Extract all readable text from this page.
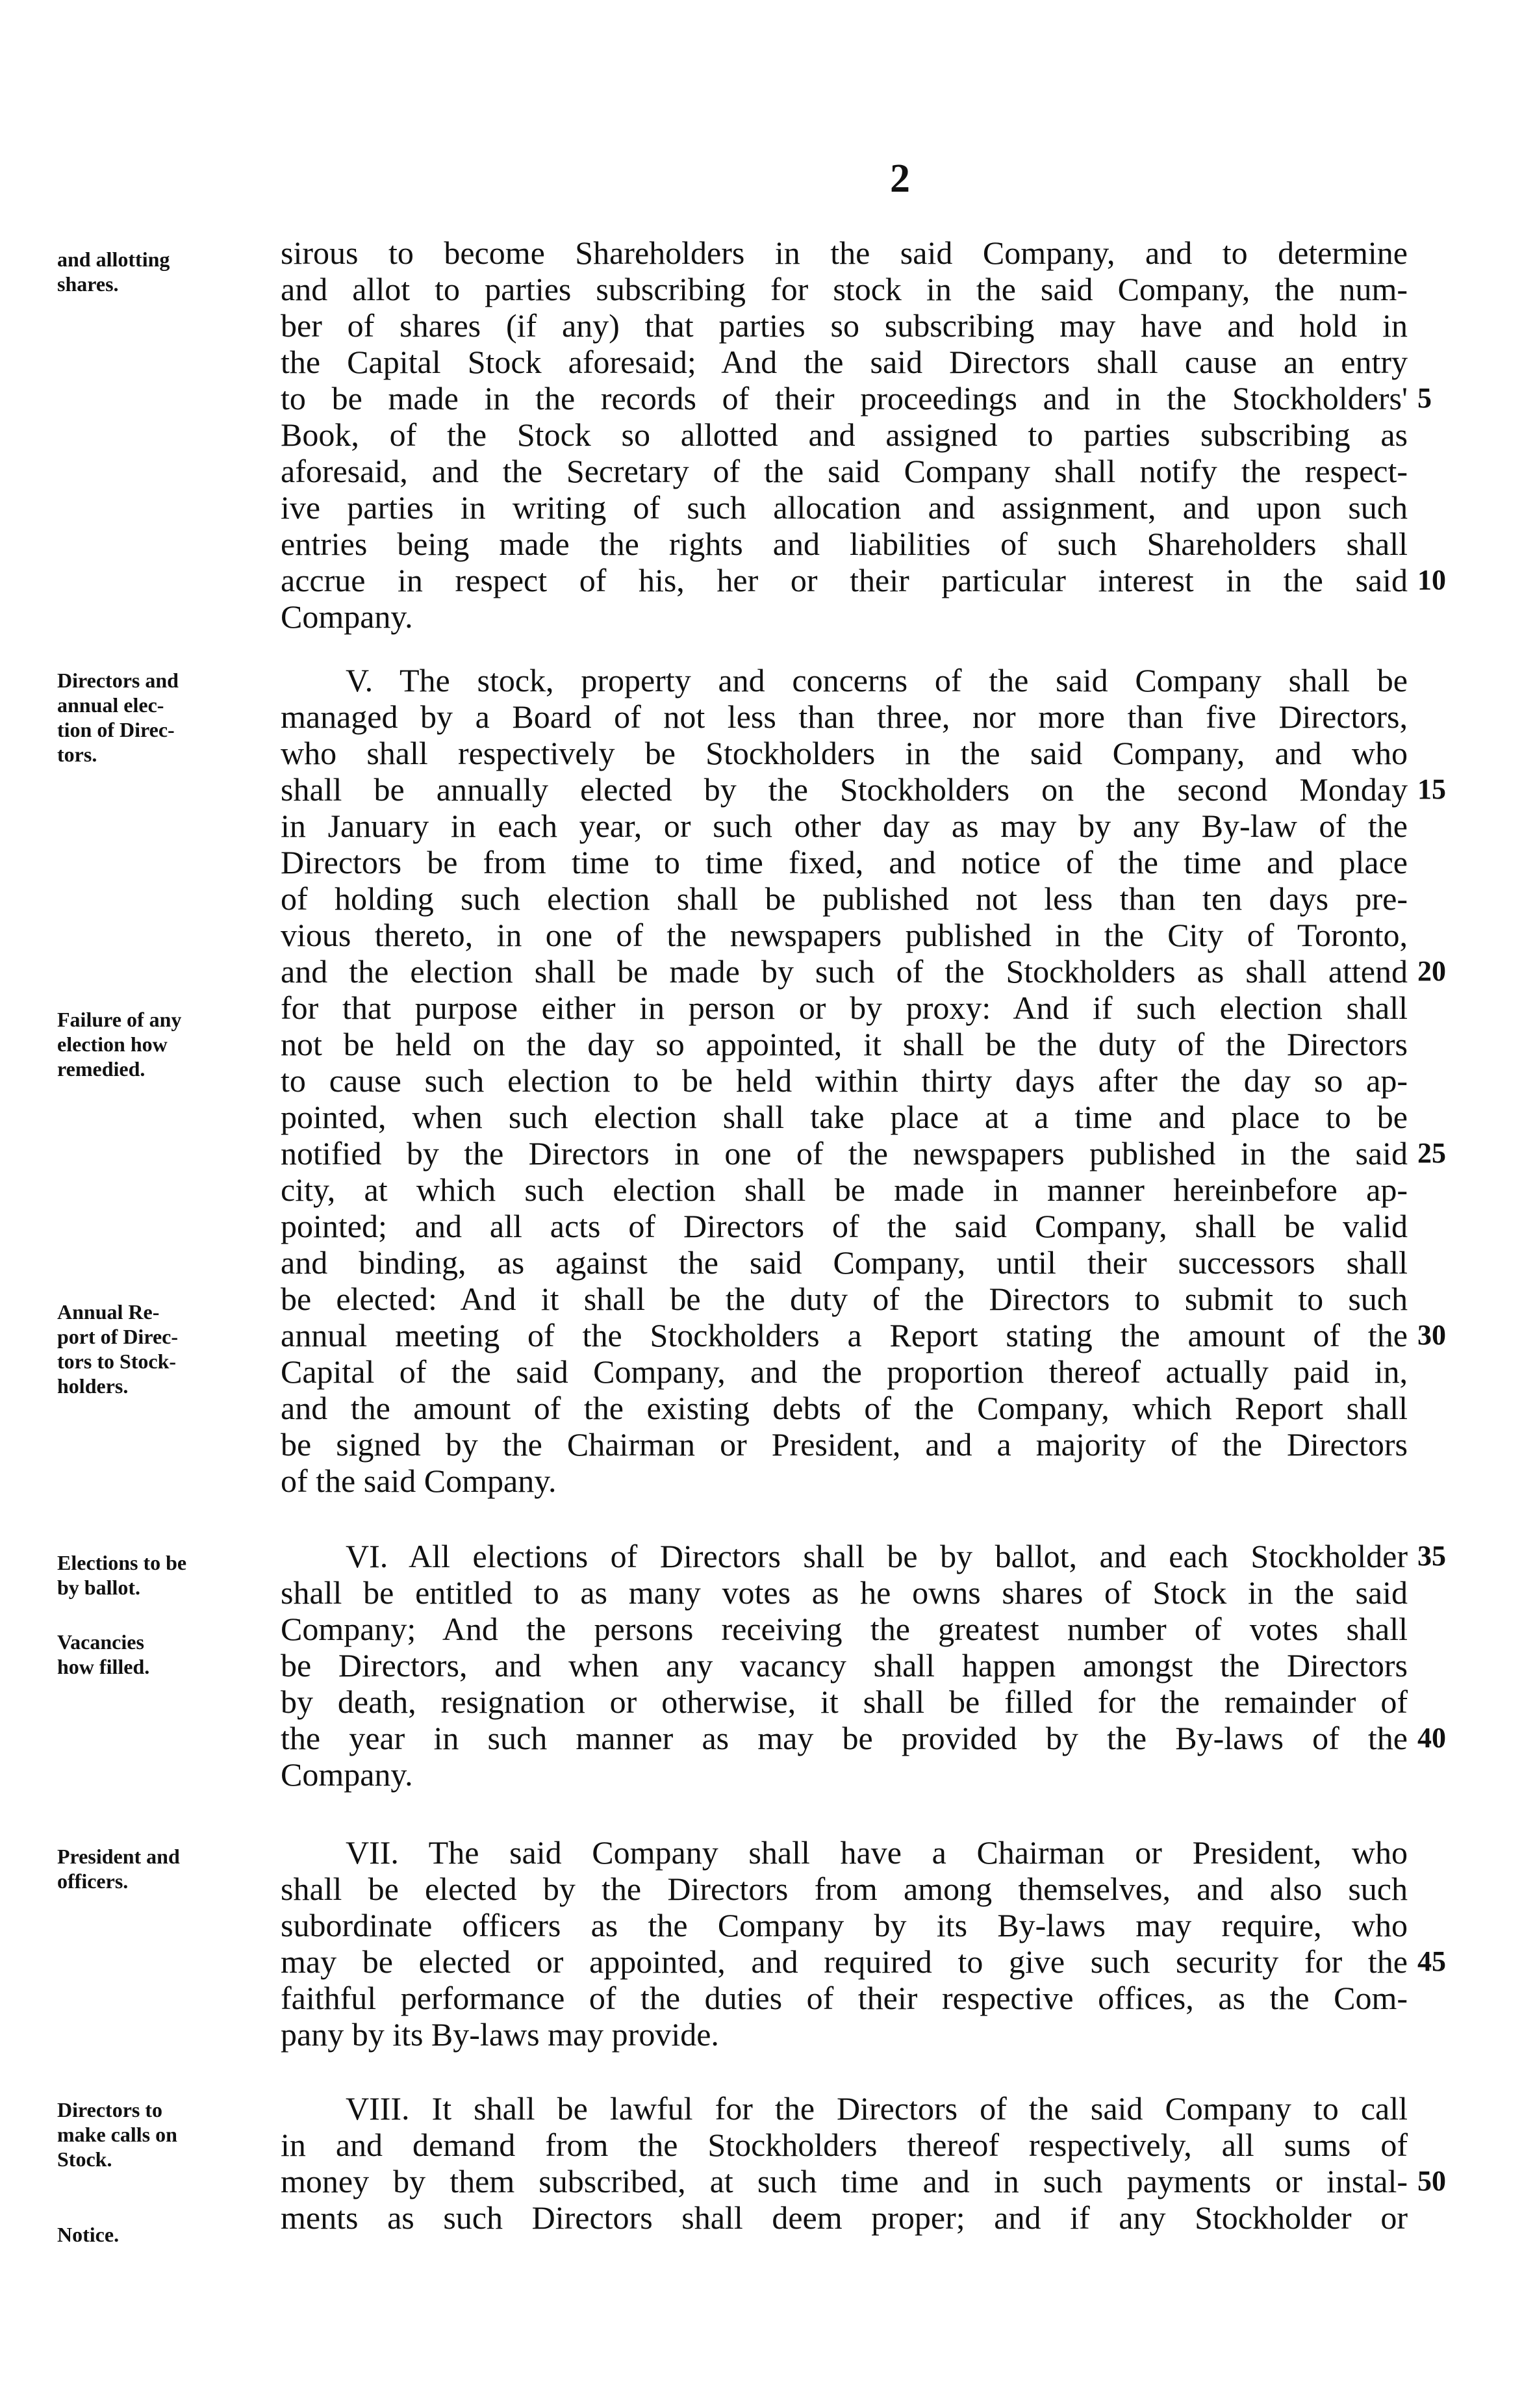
2
and allotting
shares.
Directors and
annual elec-
tion of Direc-
tors.
Failure of any
election how
remedied.
Annual Re-
port of Direc-
tors to Stock-
holders.
Elections to be
by ballot.
Vacancies
how filled.
President and
officers.
Directors to
make calls on
Stock.
Notice.
sirous to become Shareholders in the said Company, and to determine
and allot to parties subscribing for stock in the said Company, the num-
ber of shares (if any) that parties so subscribing may have and hold in
the Capital Stock aforesaid; And the said Directors shall cause an entry
to be made in the records of their proceedings and in the Stockholders'
Book, of the Stock so allotted and assigned to parties subscribing as
aforesaid, and the Secretary of the said Company shall notify the respect-
ive parties in writing of such allocation and assignment, and upon such
entries being made the rights and liabilities of such Shareholders shall
accrue in respect of his, her or their particular interest in the said
Company.
V. The stock, property and concerns of the said Company shall be
managed by a Board of not less than three, nor more than five Directors,
who shall respectively be Stockholders in the said Company, and who
shall be annually elected by the Stockholders on the second Monday
in January in each year, or such other day as may by any By-law of the
Directors be from time to time fixed, and notice of the time and place
of holding such election shall be published not less than ten days pre-
vious thereto, in one of the newspapers published in the City of Toronto,
and the election shall be made by such of the Stockholders as shall attend
for that purpose either in person or by proxy: And if such election shall
not be held on the day so appointed, it shall be the duty of the Directors
to cause such election to be held within thirty days after the day so ap-
pointed, when such election shall take place at a time and place to be
notified by the Directors in one of the newspapers published in the said
city, at which such election shall be made in manner hereinbefore ap-
pointed; and all acts of Directors of the said Company, shall be valid
and binding, as against the said Company, until their successors shall
be elected: And it shall be the duty of the Directors to submit to such
annual meeting of the Stockholders a Report stating the amount of the
Capital of the said Company, and the proportion thereof actually paid in,
and the amount of the existing debts of the Company, which Report shall
be signed by the Chairman or President, and a majority of the Directors
of the said Company.
VI. All elections of Directors shall be by ballot, and each Stockholder
shall be entitled to as many votes as he owns shares of Stock in the said
Company; And the persons receiving the greatest number of votes shall
be Directors, and when any vacancy shall happen amongst the Directors
by death, resignation or otherwise, it shall be filled for the remainder of
the year in such manner as may be provided by the By-laws of the
Company.
VII. The said Company shall have a Chairman or President, who
shall be elected by the Directors from among themselves, and also such
subordinate officers as the Company by its By-laws may require, who
may be elected or appointed, and required to give such security for the
faithful performance of the duties of their respective offices, as the Com-
pany by its By-laws may provide.
VIII. It shall be lawful for the Directors of the said Company to call
in and demand from the Stockholders thereof respectively, all sums of
money by them subscribed, at such time and in such payments or instal-
ments as such Directors shall deem proper; and if any Stockholder or
5
10
15
20
25
30
35
40
45
50
